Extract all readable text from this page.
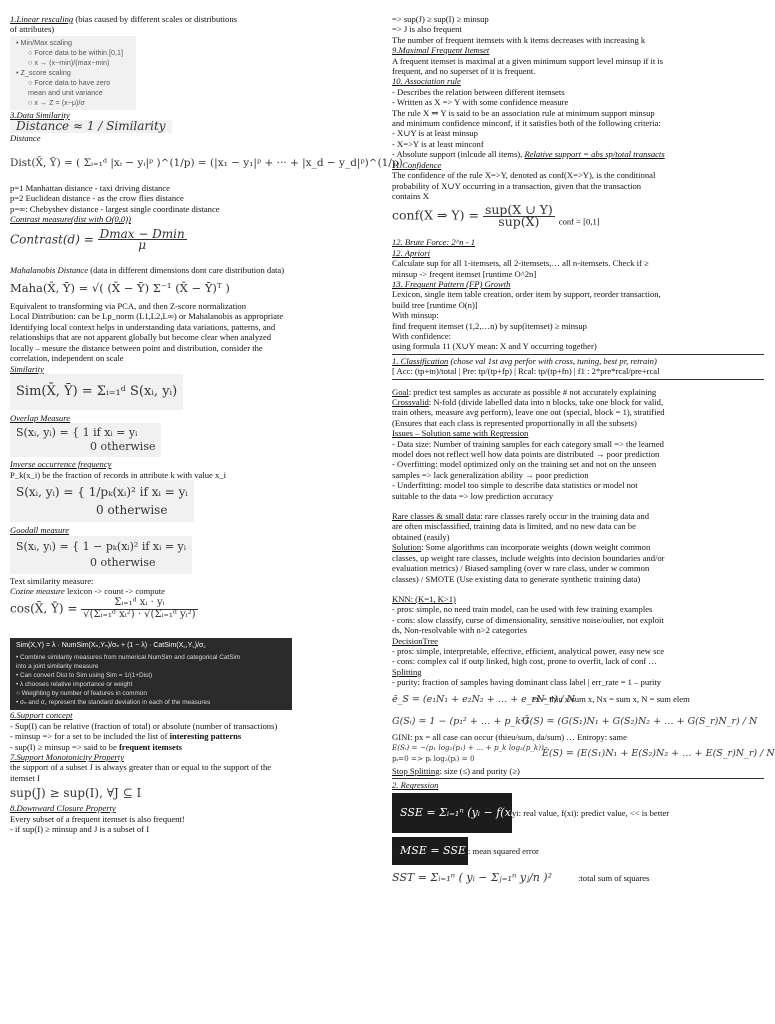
1.Linear rescaling (bias caused by different scales or distributions
of attributes)
• Min/Max scaling
○ Force data to be within [0,1]
○ x → (x−min)/(max−min)
• Z_score scaling
○ Force data to have zero
mean and unit variance
○ x → Z = (x−μ)/σ
3.Data Similarity
Distance ≈ 1 / Similarity
Distance
Dist(X̄, Ȳ) = ( Σᵢ₌₁ᵈ |xᵢ − yᵢ|ᵖ )^(1/p) = (|x₁ − y₁|ᵖ + ··· + |x_d − y_d|ᵖ)^(1/p)
p=1 Manhattan distance - taxi driving distance
p=2 Euclidean distance - as the crow flies distance
p=∞: Chebyshev distance - largest single coordinate distance
Contrast measure(dist with O(0,0))
Contrast(d) = $\frac{Dmax - Dmin}{\mu}$
Mahalanobis Distance (data in different dimensions dont care distribution data)
Maha(X̄, Ȳ) = √( (X̄ − Ȳ) Σ⁻¹ (X̄ − Ȳ)ᵀ )
Equivalent to transforming via PCA, and then Z-score normalization
Local Distribution: can be Lp_norm (L1,L2,L∞) or Mahalanobis as appropriate
Identifying local context helps in understanding data variations, patterns, and
relationships that are not apparent globally but become clear when analyzed
locally – mesure the distance between point and distribution, consider the
correlation, independent on scale
Similarity
Sim(X̄, Ȳ) = Σᵢ₌₁ᵈ S(xᵢ, yᵢ)
Overlap Measure
S(xᵢ, yᵢ) = { 1 if xᵢ = yᵢ
0 otherwise
Inverse occurrence frequency
P_k(x_i) be the fraction of records in attribute k with value x_i
S(xᵢ, yᵢ) = { 1/pₖ(xᵢ)² if xᵢ = yᵢ
0 otherwise
Goodall measure
S(xᵢ, yᵢ) = { 1 − pₖ(xᵢ)² if xᵢ = yᵢ
0 otherwise
Text similarity measure:
Cozine measure lexicon -> count -> compute
cos(X̄, Ȳ) = $\frac{\text{Σᵢ₌₁ᵈ xᵢ · yᵢ}}{\text{√(Σᵢ₌₁ᵈ xᵢ²) · √(Σᵢ₌₁ᵈ yᵢ²)}}$
Sim(X,Y) = λ · NumSim(Xₙ,Yₙ)/σₙ + (1 − λ) · CatSim(X꜀,Y꜀)/σ꜀
• Combine similarity measures from numerical NumSim and categorical CatSim
into a joint similarity measure
• Can convert Dist to Sim using Sim = 1/(1+Dist)
• λ chooses relative importance or weight
○ Weighting by number of features in common
• σₙ and σ꜀ represent the standard deviation in each of the measures
6.Support concept
- Sup(I) can be relative (fraction of total) or absolute (number of transactions)
- minsup => for a set to be included the list of interesting patterns
- sup(I) ≥ minsup => said to be frequent itemsets
7.Support Monotonicity Property
the support of a subset J is always greater than or equal to the support of the
itemset I
sup(J) ≥ sup(I), ∀J ⊆ I
8.Downward Closure Property
Every subset of a frequent itemset is also frequent!
- if sup(I) ≥ minsup and J is a subset of I
=> sup(J) ≥ sup(I) ≥ minsup
=> J is also frequent
The number of frequent itemsets with k items decreases with increasing k
9.Maximal Frequent Itemset
A frequent itemset is maximal at a given minimum support level minsup if it is
frequent, and no superset of it is frequent.
10. Association rule
- Describes the relation between different itemsets
- Written as X => Y with some confidence measure
The rule X ⇒ Y is said to be an association rule at minimum support minsup
and minimum confidence minconf, if it satisfies both of the following criteria:
- X∪Y is at least minsup
- X=>Y is at least minconf
- Absolute support (inlcude all items), Relative support = abs sp/total transacts
11.Confidence
The confidence of the rule X=>Y, denoted as conf(X=>Y), is the conditional
probability of X∪Y occurring in a transaction, given that the transaction
contains X
conf(X ⇒ $Y) = \frac{\text{sup(X ∪ Y)}}{\text{sup(X)}}$ conf = [0,1]
12. Brute Force: 2^n - 1
12. Apriori
Calculate sup for all 1-itemsets, all 2-itemsets,… all n-itemsets. Check if ≥
minsup -> freqent itemset [runtime O^2n]
13. Frequent Pattern (FP) Growth
Lexicon, single item table creation, order item by support, reorder transaction,
build tree [runtime O(n)]
With minsup:
find frequent itemset (1,2,…n) by sup(itemset) ≥ minsup
With confidence:
using formula 11 (X∪Y mean: X and Y occurring together)
1. Classification (chose val 1st avg perfor with cross, tuning, best pr, retrain)
[ Acc: (tp+tn)/total | Pre: tp/(tp+fp) | Rcal: tp/(tp+fn) | f1 : 2*pre*rcal/pre+rcal
Goal: predict test samples as accurate as possible # not accurately explaining
Crossvalid: N-fold (divide labelled data into n blocks, take one block for valid,
train others, measure avg perform), leave one out (special, block = 1), stratified
(Ensures that each class is represented proportionally in all the subsets)
Issues – Solution same with Regression
- Data size: Number of training samples for each category small => the learned
model does not reflect well how data points are distributed → poor prediction
- Overfitting: model optimized only on the training set and not on the unseen
samples => lack generalization ability → poor prediction
- Underfitting: model too simple to describe data statistics or model not
suitable to the data => low prediction accuracy
Rare classes & small data: rare classes rarely occur in the training data and
are often misclassified, training data is limited, and no new data can be
obtained (easily)
Solution: Some algorithms can incorporate weights (down weight common
classes, up weight rare classes, include weights into decision boundaries and/or
evaluation metrics) / Biased sampling (over w rare class, under w common
classes) / SMOTE (Use existing data to generate synthetic training data)
KNN: (K=1, K>1)
- pros: simple, no need train model, can be used with few training examples
- cons: slow classify, curse of dimensionality, sensitive noise/oulier, not exploit
ds, Non-resolvable with n>2 categories
DecisionTree
- pros: simple, interpretable, effective, efficient, analytical power, easy new sce
- cons: complex cal if outp linked, high cost, prone to overfit, lack of conf …
Splitting
- purity: fraction of samples having dominant class label | err_rate = 1 – purity
ē_S = (e₁N₁ + e₂N₂ + … + e_rN_r) / Nex = thiu x/sum x, Nx = sum x, N = sum elem
G(Sᵢ) = 1 − (p₁² + … + p_k²)Ḡ(S) = (G(S₁)N₁ + G(S₂)N₂ + … + G(S_r)N_r) / N
GINI: px = all case can occur (thieu/sum, da/sum) … Entropy: same
E(Sᵢ) = −(p₁ log₂(p₁) + … + p_k log₂(p_k))
pᵢ=0 => pᵢ log₂(pᵢ) = 0	Ē(S) = (E(S₁)N₁ + E(S₂)N₂ + … + E(S_r)N_r) / N
Stop Splitting: size (≤) and purity (≥)
2. Regression
SSE = Σᵢ₌₁ⁿ (yᵢ − f(xᵢ))²yi: real value, f(xi): predict value, << is better
MSE = SSE / n: mean squared error
SST = Σᵢ₌₁ⁿ ( yᵢ − Σⱼ₌₁ⁿ yⱼ/n )²	:total sum of squares
